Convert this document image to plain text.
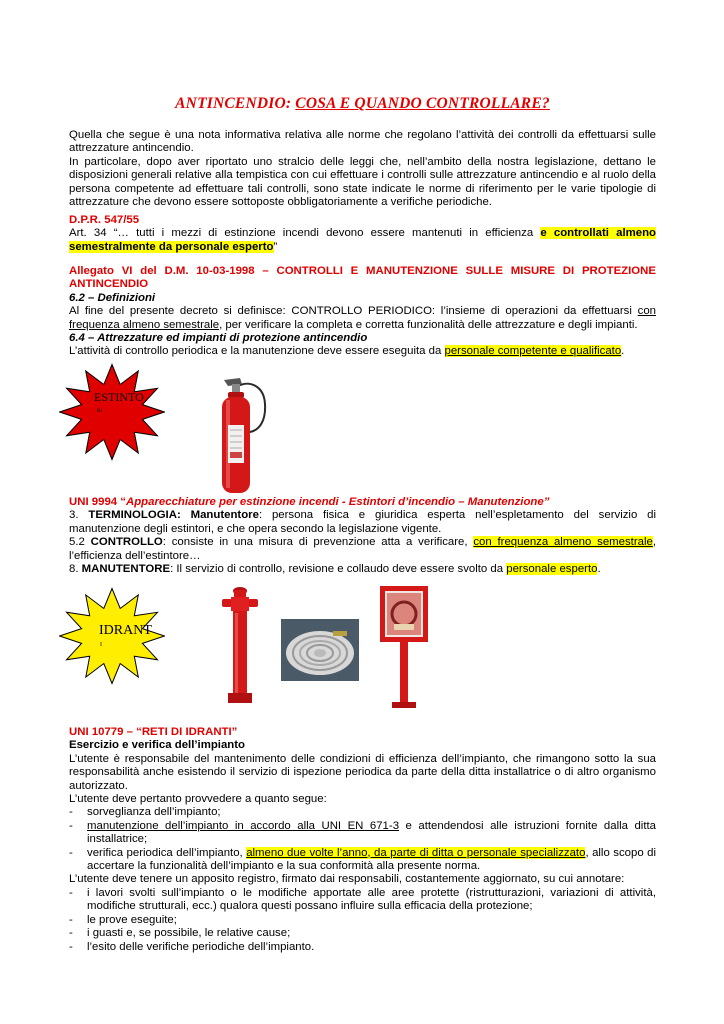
ANTINCENDIO: COSA E QUANDO CONTROLLARE?

Quella che segue è una nota informativa relativa alle norme che regolano l’attività dei controlli da effettuarsi sulle attrezzature antincendio.

In particolare, dopo aver riportato uno stralcio delle leggi che, nell’ambito della nostra legislazione, dettano le disposizioni generali relative alla tempistica con cui effettuare i controlli sulle attrezzature antincendio e al ruolo della persona competente ad effettuare tali controlli, sono state indicate le norme di riferimento per le varie tipologie di attrezzature che devono essere sottoposte obbligatoriamente a verifiche periodiche.

D.P.R. 547/55

Art. 34 “… tutti i mezzi di estinzione incendi devono essere mantenuti in efficienza e controllati almeno semestralmente da personale esperto”

Allegato VI del D.M. 10-03-1998 – CONTROLLI E MANUTENZIONE SULLE MISURE DI PROTEZIONE ANTINCENDIO

6.2 – Definizioni

Al fine del presente decreto si definisce: CONTROLLO PERIODICO: l’insieme di operazioni da effettuarsi con frequenza almeno semestrale, per verificare la completa e corretta funzionalità delle attrezzature e degli impianti.

6.4 – Attrezzature ed impianti di protezione antincendio

L’attività di controllo periodica e la manutenzione deve essere eseguita da personale competente e qualificato.

ESTINTO
RI
UNI 9994 “Apparecchiature per estinzione incendi - Estintori d’incendio – Manutenzione”

3. TERMINOLOGIA: Manutentore: persona fisica e giuridica esperta nell’espletamento del servizio di manutenzione degli estintori, e che opera secondo la legislazione vigente.

5.2 CONTROLLO: consiste in una misura di prevenzione atta a verificare, con frequenza almeno semestrale, l’efficienza dell’estintore…

8. MANUTENTORE: Il servizio di controllo, revisione e collaudo deve essere svolto da personale esperto.

IDRANT
I
UNI 10779 – “RETI DI IDRANTI”
Esercizio e verifica dell’impianto

L’utente è responsabile del mantenimento delle condizioni di efficienza dell’impianto, che rimangono sotto la sua responsabilità anche esistendo il servizio di ispezione periodica da parte della ditta installatrice o di altro organismo autorizzato.

L’utente deve pertanto provvedere a quanto segue:

- sorveglianza dell’impianto;
- manutenzione dell’impianto in accordo alla UNI EN 671-3 e attendendosi alle istruzioni fornite dalla ditta installatrice;
- verifica periodica dell’impianto, almeno due volte l’anno, da parte di ditta o personale specializzato, allo scopo di accertare la funzionalità dell’impianto e la sua conformità alla presente norma.

L’utente deve tenere un apposito registro, firmato dai responsabili, costantemente aggiornato, su cui annotare:

- i lavori svolti sull’impianto o le modifiche apportate alle aree protette (ristrutturazioni, variazioni di attività, modifiche strutturali, ecc.) qualora questi possano influire sulla efficacia della protezione;
- le prove eseguite;
- i guasti e, se possibile, le relative cause;
- l’esito delle verifiche periodiche dell’impianto.
